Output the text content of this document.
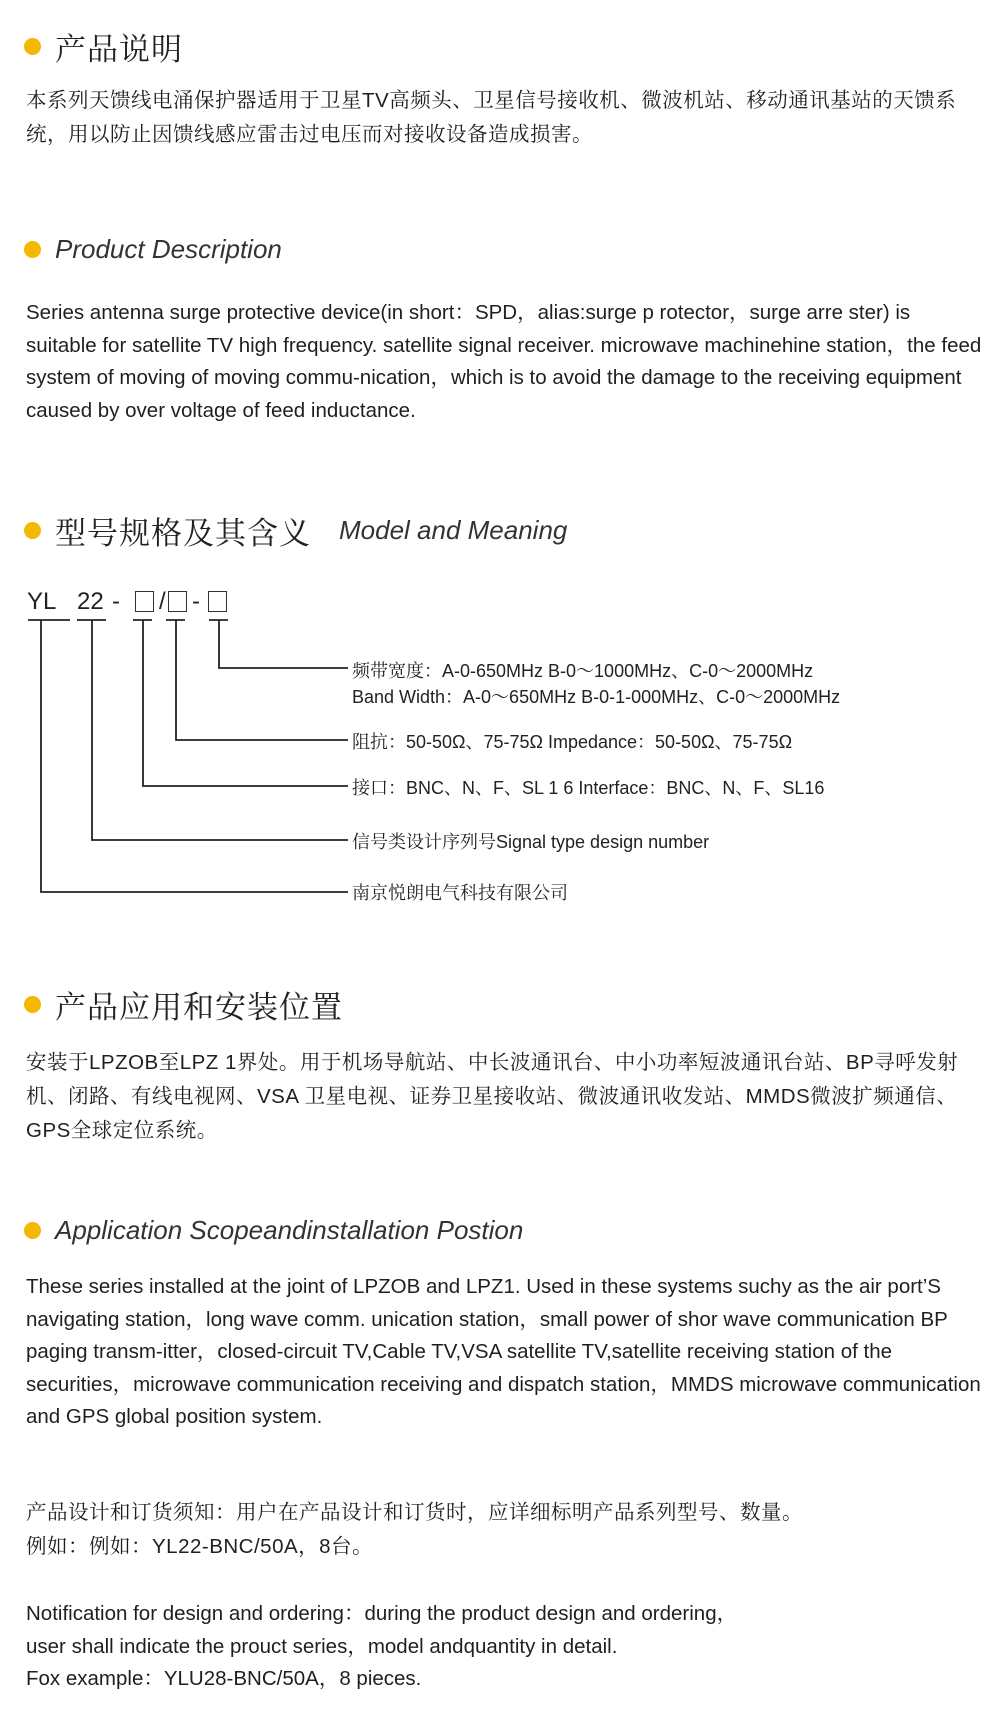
产品说明
本系列天馈线电涌保护器适用于卫星TV高频头、卫星信号接收机、微波机站、移动通讯基站的天馈系统，用以防止因馈线感应雷击过电压而对接收设备造成损害。
Product Description
Series antenna surge protective device(in short：SPD，alias:surge p rotector，surge arre ster) is suitable for satellite TV high frequency. satellite signal receiver. microwave machinehine station，the feed system of moving of moving commu-nication，which is to avoid the damage to the receiving equipment caused by over voltage of feed inductance.
型号规格及其含义 Model and Meaning
YL 22 - / -
频带宽度：A-0-650MHz B-0～1000MHz、C-0～2000MHz
Band Width：A-0～650MHz B-0-1-000MHz、C-0～2000MHz
阻抗：50-50Ω、75-75Ω Impedance：50-50Ω、75-75Ω
接口：BNC、N、F、SL 1 6 Interface：BNC、N、F、SL16
信号类设计序列号Signal type design number
南京悦朗电气科技有限公司
产品应用和安装位置
安装于LPZOB至LPZ 1界处。用于机场导航站、中长波通讯台、中小功率短波通讯台站、BP寻呼发射机、闭路、有线电视网、VSA 卫星电视、证券卫星接收站、微波通讯收发站、MMDS微波扩频通信、GPS全球定位系统。
Application Scopeandinstallation Postion
These series installed at the joint of LPZOB and LPZ1. Used in these systems suchy as the air port’S navigating station，long wave comm. unication station，small power of shor wave communication BP paging transm-itter，closed-circuit TV,Cable TV,VSA satellite TV,satellite receiving station of the securities，microwave communication receiving and dispatch station，MMDS microwave communication and GPS global position system.

产品设计和订货须知：用户在产品设计和订货时，应详细标明产品系列型号、数量。

例如：例如：YL22-BNC/50A，8台。

Notification for design and ordering：during the product design and ordering，

user shall indicate the prouct series，model andquantity in detail.

Fox example：YLU28-BNC/50A，8 pieces.
